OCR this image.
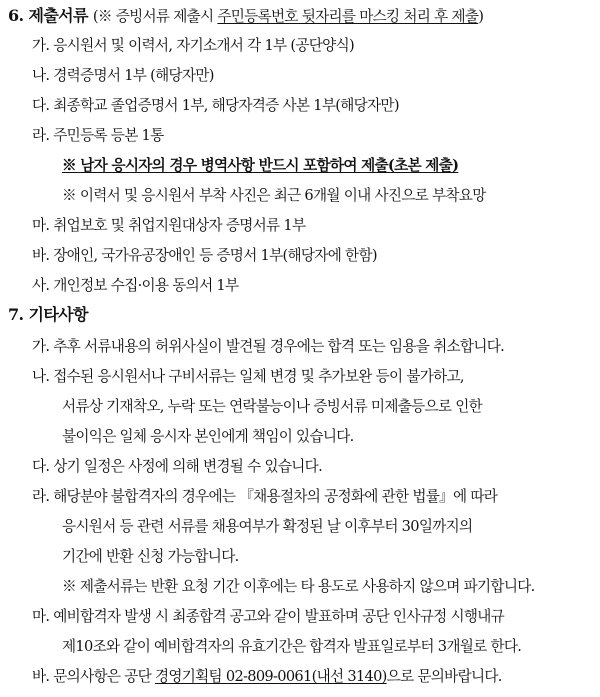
6. 제출서류 (※ 증빙서류 제출시 주민등록번호 뒷자리를 마스킹 처리 후 제출)
가. 응시원서 및 이력서, 자기소개서 각 1부 (공단양식)
나. 경력증명서 1부 (해당자만)
다. 최종학교 졸업증명서 1부, 해당자격증 사본 1부(해당자만)
라. 주민등록 등본 1통
※ 남자 응시자의 경우 병역사항 반드시 포함하여 제출(초본 제출)
※ 이력서 및 응시원서 부착 사진은 최근 6개월 이내 사진으로 부착요망
마. 취업보호 및 취업지원대상자 증명서류 1부
바. 장애인, 국가유공장애인 등 증명서 1부(해당자에 한함)
사. 개인정보 수집·이용 동의서 1부
7. 기타사항
가. 추후 서류내용의 허위사실이 발견될 경우에는 합격 또는 임용을 취소합니다.
나. 접수된 응시원서나 구비서류는 일체 변경 및 추가보완 등이 불가하고,
서류상 기재착오, 누락 또는 연락불능이나 증빙서류 미제출등으로 인한
불이익은 일체 응시자 본인에게 책임이 있습니다.
다. 상기 일정은 사정에 의해 변경될 수 있습니다.
라. 해당분야 불합격자의 경우에는 『채용절차의 공정화에 관한 법률』에 따라
응시원서 등 관련 서류를 채용여부가 확정된 날 이후부터 30일까지의
기간에 반환 신청 가능합니다.
※ 제출서류는 반환 요청 기간 이후에는 타 용도로 사용하지 않으며 파기합니다.
마. 예비합격자 발생 시 최종합격 공고와 같이 발표하며 공단 인사규정 시행내규
제10조와 같이 예비합격자의 유효기간은 합격자 발표일로부터 3개월로 한다.
바. 문의사항은 공단 경영기획팀 02-809-0061(내선 3140)으로 문의바랍니다.
